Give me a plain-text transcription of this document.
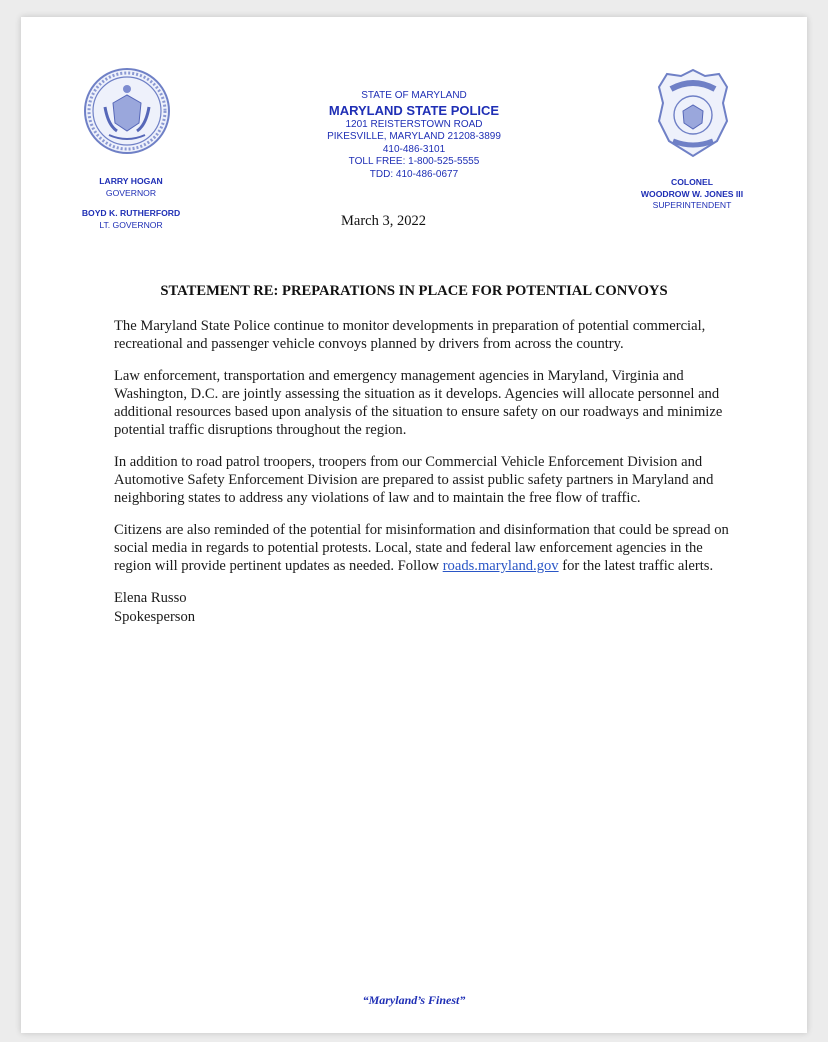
STATE OF MARYLAND
MARYLAND STATE POLICE
1201 REISTERSTOWN ROAD
PIKESVILLE, MARYLAND 21208-3899
410-486-3101
TOLL FREE: 1-800-525-5555
TDD: 410-486-0677
LARRY HOGAN
GOVERNOR
BOYD K. RUTHERFORD
LT. GOVERNOR
COLONEL
WOODROW W. JONES III
SUPERINTENDENT
March 3, 2022
STATEMENT RE: PREPARATIONS IN PLACE FOR POTENTIAL CONVOYS

The Maryland State Police continue to monitor developments in preparation of potential commercial, recreational and passenger vehicle convoys planned by drivers from across the country.

Law enforcement, transportation and emergency management agencies in Maryland, Virginia and Washington, D.C. are jointly assessing the situation as it develops. Agencies will allocate personnel and additional resources based upon analysis of the situation to ensure safety on our roadways and minimize potential traffic disruptions throughout the region.

In addition to road patrol troopers, troopers from our Commercial Vehicle Enforcement Division and Automotive Safety Enforcement Division are prepared to assist public safety partners in Maryland and neighboring states to address any violations of law and to maintain the free flow of traffic.

Citizens are also reminded of the potential for misinformation and disinformation that could be spread on social media in regards to potential protests. Local, state and federal law enforcement agencies in the region will provide pertinent updates as needed. Follow roads.maryland.gov for the latest traffic alerts.

Elena Russo
Spokesperson
“Maryland’s Finest”
